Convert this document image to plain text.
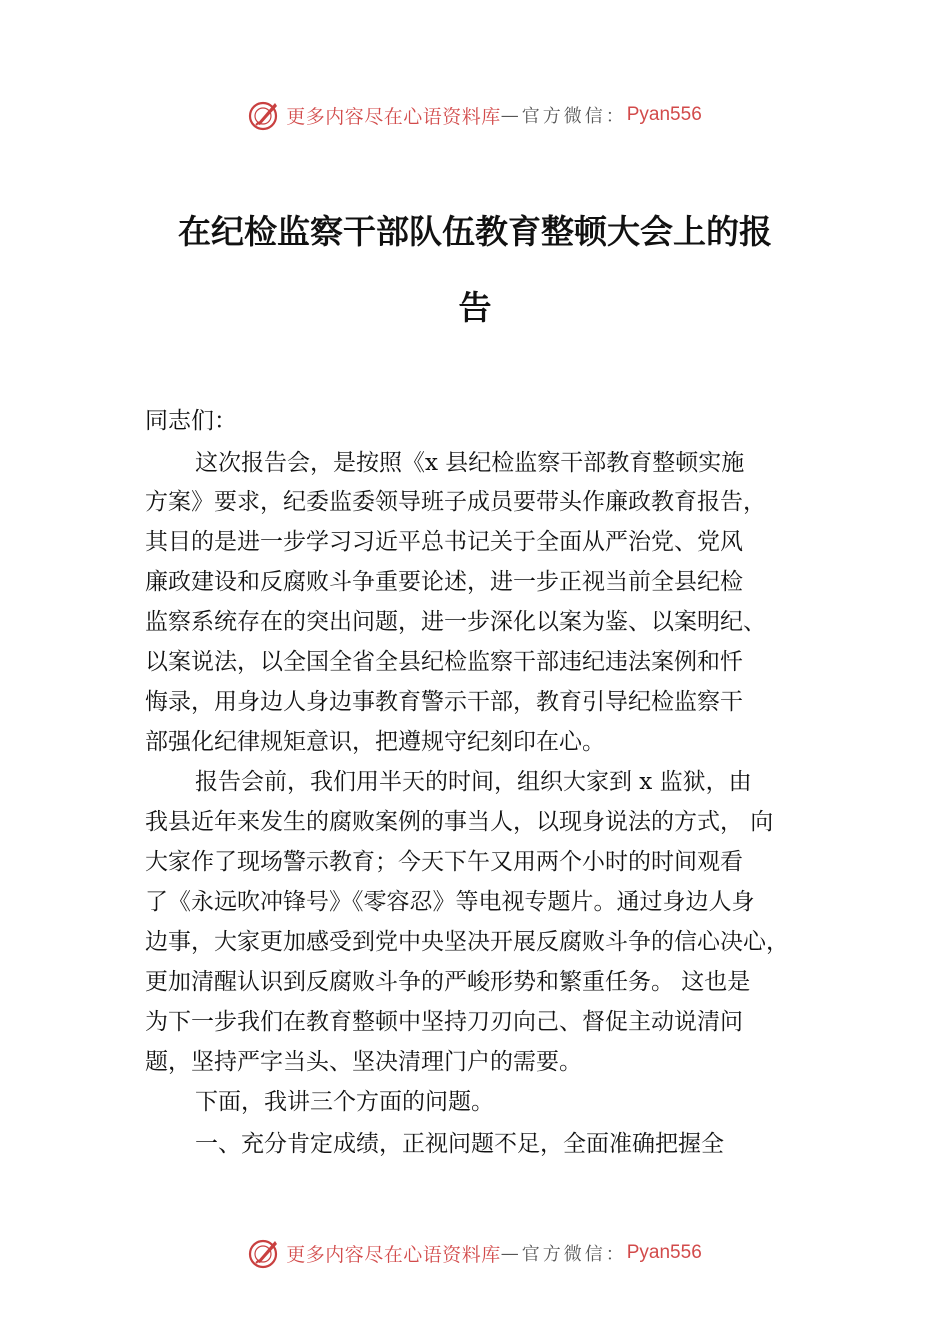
更多内容尽在心语资料库 — 官方微信： Pyan556
在纪检监察干部队伍教育整顿大会上的报
告
同志们：
这次报告会，是按照《x 县纪检监察干部教育整顿实施
方案》要求，纪委监委领导班子成员要带头作廉政教育报告，
其目的是进一步学习习近平总书记关于全面从严治党、党风
廉政建设和反腐败斗争重要论述，进一步正视当前全县纪检
监察系统存在的突出问题，进一步深化以案为鉴、以案明纪、
以案说法，以全国全省全县纪检监察干部违纪违法案例和忏
悔录，用身边人身边事教育警示干部，教育引导纪检监察干
部强化纪律规矩意识，把遵规守纪刻印在心。
报告会前，我们用半天的时间，组织大家到 x 监狱，由
我县近年来发生的腐败案例的事当人，以现身说法的方式， 向
大家作了现场警示教育；今天下午又用两个小时的时间观看
了《永远吹冲锋号》《零容忍》等电视专题片。通过身边人身
边事，大家更加感受到党中央坚决开展反腐败斗争的信心决心，
更加清醒认识到反腐败斗争的严峻形势和繁重任务。 这也是
为下一步我们在教育整顿中坚持刀刃向己、督促主动说清问
题，坚持严字当头、坚决清理门户的需要。
下面，我讲三个方面的问题。
一、充分肯定成绩，正视问题不足，全面准确把握全
更多内容尽在心语资料库 — 官方微信： Pyan556
